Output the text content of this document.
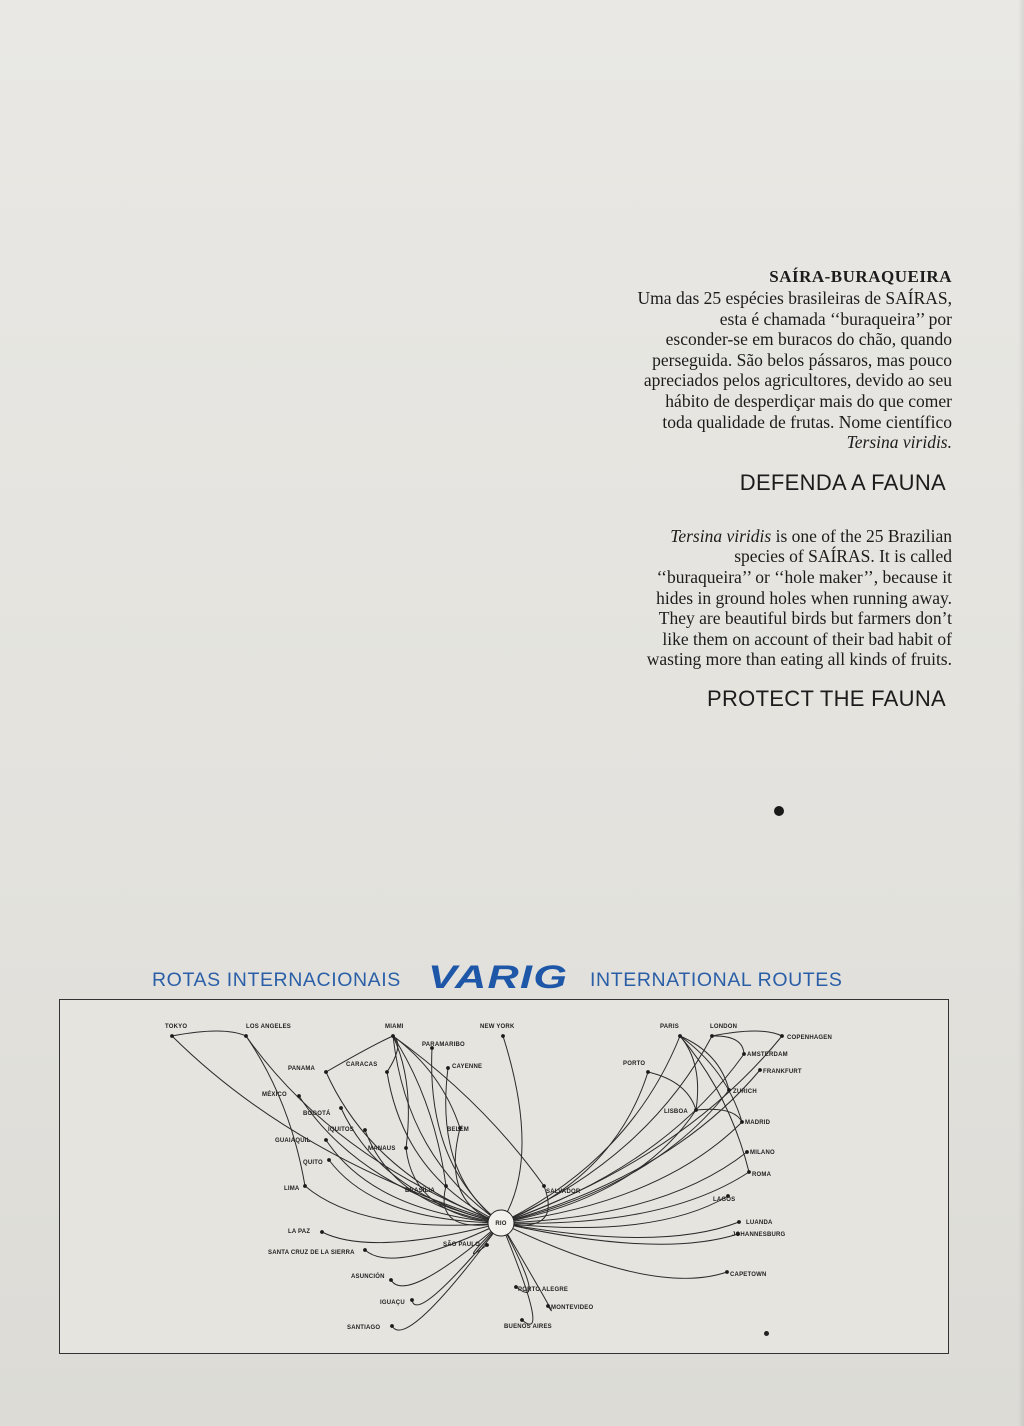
SAÍRA-BURAQUEIRA

Uma das 25 espécies brasileiras de SAÍRAS,
esta é chamada ‘‘buraqueira’’ por
esconder-se em buracos do chão, quando
perseguida. São belos pássaros, mas pouco
apreciados pelos agricultores, devido ao seu
hábito de desperdiçar mais do que comer
toda qualidade de frutas. Nome científico
Tersina viridis.

DEFENDA A FAUNA

Tersina viridis is one of the 25 Brazilian
species of SAÍRAS. It is called
‘‘buraqueira’’ or ‘‘hole maker’’, because it
hides in ground holes when running away.
They are beautiful birds but farmers don’t
like them on account of their bad habit of
wasting more than eating all kinds of fruits.

PROTECT THE FAUNA

ROTAS INTERNACIONAIS VARIG INTERNATIONAL ROUTES
TOKYO	LOS ANGELES	MIAMI	NEW YORK
PARAMARIBO
CAYENNE
CARACAS
PANAMA
MÉXICO
BOGOTÁ
IQUITOS
GUAIAQUIL
QUITO
MANAUS
BELÉM
LIMA	BRASÍLIA	SALVADOR
PARIS	LONDON
COPENHAGEN
AMSTERDAM
FRANKFURT
PORTO
LISBOA
ZURICH
MADRID
MILANO
ROMA
LAGOS
LUANDA
JOHANNESBURG
CAPETOWN
LA PAZ
SANTA CRUZ DE LA SIERRA
SÃO PAULO
ASUNCIÓN
IGUAÇU
SANTIAGO
PORTO ALEGRE
MONTEVIDEO
BUENOS AIRES
RIO
